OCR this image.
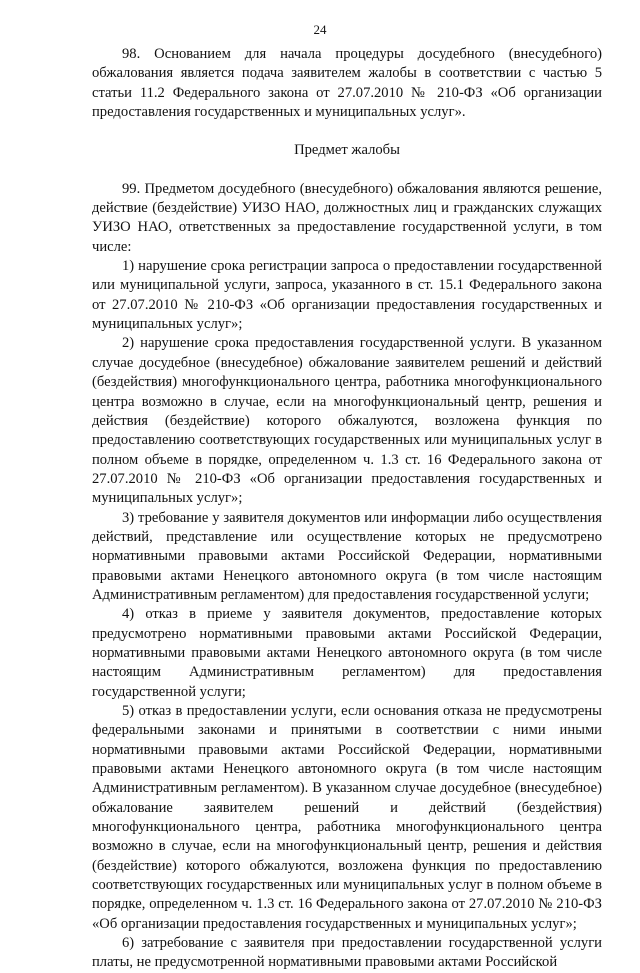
24

98. Основанием для начала процедуры досудебного (внесудебного) обжалования является подача заявителем жалобы в соответствии с частью 5 статьи 11.2 Федерального закона от 27.07.2010 № 210-ФЗ «Об организации предоставления государственных и муниципальных услуг».

Предмет жалобы

99. Предметом досудебного (внесудебного) обжалования являются решение, действие (бездействие) УИЗО НАО, должностных лиц и гражданских служащих УИЗО НАО, ответственных за предоставление государственной услуги, в том числе:

1) нарушение срока регистрации запроса о предоставлении государственной или муниципальной услуги, запроса, указанного в ст. 15.1 Федерального закона от 27.07.2010 № 210-ФЗ «Об организации предоставления государственных и муниципальных услуг»;

2) нарушение срока предоставления государственной услуги. В указанном случае досудебное (внесудебное) обжалование заявителем решений и действий (бездействия) многофункционального центра, работника многофункционального центра возможно в случае, если на многофункциональный центр, решения и действия (бездействие) которого обжалуются, возложена функция по предоставлению соответствующих государственных или муниципальных услуг в полном объеме в порядке, определенном ч. 1.3 ст. 16 Федерального закона от 27.07.2010 № 210-ФЗ «Об организации предоставления государственных и муниципальных услуг»;

3) требование у заявителя документов или информации либо осуществления действий, представление или осуществление которых не предусмотрено нормативными правовыми актами Российской Федерации, нормативными правовыми актами Ненецкого автономного округа (в том числе настоящим Административным регламентом) для предоставления государственной услуги;

4) отказ в приеме у заявителя документов, предоставление которых предусмотрено нормативными правовыми актами Российской Федерации, нормативными правовыми актами Ненецкого автономного округа (в том числе настоящим Административным регламентом) для предоставления государственной услуги;

5) отказ в предоставлении услуги, если основания отказа не предусмотрены федеральными законами и принятыми в соответствии с ними иными нормативными правовыми актами Российской Федерации, нормативными правовыми актами Ненецкого автономного округа (в том числе настоящим Административным регламентом). В указанном случае досудебное (внесудебное) обжалование заявителем решений и действий (бездействия) многофункционального центра, работника многофункционального центра возможно в случае, если на многофункциональный центр, решения и действия (бездействие) которого обжалуются, возложена функция по предоставлению соответствующих государственных или муниципальных услуг в полном объеме в порядке, определенном ч. 1.3 ст. 16 Федерального закона от 27.07.2010 № 210-ФЗ «Об организации предоставления государственных и муниципальных услуг»;

6) затребование с заявителя при предоставлении государственной услуги платы, не предусмотренной нормативными правовыми актами Российской
